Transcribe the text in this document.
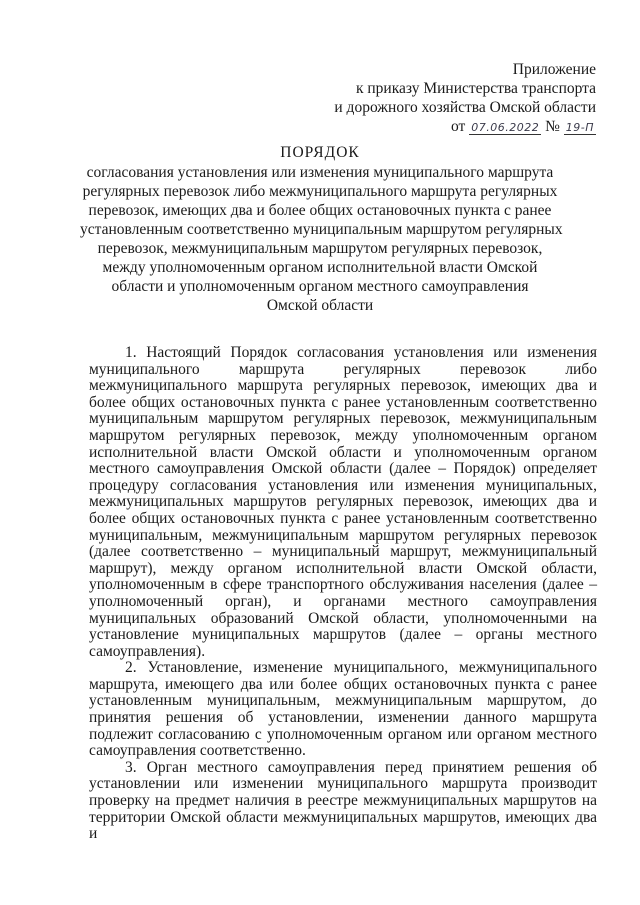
Приложение
к приказу Министерства транспорта
и дорожного хозяйства Омской области
от 07.06.2022 № 19-П
ПОРЯДОК
согласования установления или изменения муниципального маршрута
регулярных перевозок либо межмуниципального маршрута регулярных
перевозок, имеющих два и более общих остановочных пункта с ранее
установленным соответственно муниципальным маршрутом регулярных
перевозок, межмуниципальным маршрутом регулярных перевозок,
между уполномоченным органом исполнительной власти Омской
области и уполномоченным органом местного самоуправления
Омской области

1. Настоящий Порядок согласования установления или изменения муниципального маршрута регулярных перевозок либо межмуниципального маршрута регулярных перевозок, имеющих два и более общих остановочных пункта с ранее установленным соответственно муниципальным маршрутом регулярных перевозок, межмуниципальным маршрутом регулярных перевозок, между уполномоченным органом исполнительной власти Омской области и уполномоченным органом местного самоуправления Омской области (далее – Порядок) определяет процедуру согласования установления или изменения муниципальных, межмуниципальных маршрутов регулярных перевозок, имеющих два и более общих остановочных пункта с ранее установленным соответственно муниципальным, межмуниципальным маршрутом регулярных перевозок (далее соответственно – муниципальный маршрут, межмуниципальный маршрут), между органом исполнительной власти Омской области, уполномоченным в сфере транспортного обслуживания населения (далее – уполномоченный орган), и органами местного самоуправления муниципальных образований Омской области, уполномоченными на установление муниципальных маршрутов (далее – органы местного самоуправления).

2. Установление, изменение муниципального, межмуниципального маршрута, имеющего два или более общих остановочных пункта с ранее установленным муниципальным, межмуниципальным маршрутом, до принятия решения об установлении, изменении данного маршрута подлежит согласованию с уполномоченным органом или органом местного самоуправления соответственно.

3. Орган местного самоуправления перед принятием решения об установлении или изменении муниципального маршрута производит проверку на предмет наличия в реестре межмуниципальных маршрутов на территории Омской области межмуниципальных маршрутов, имеющих два и
